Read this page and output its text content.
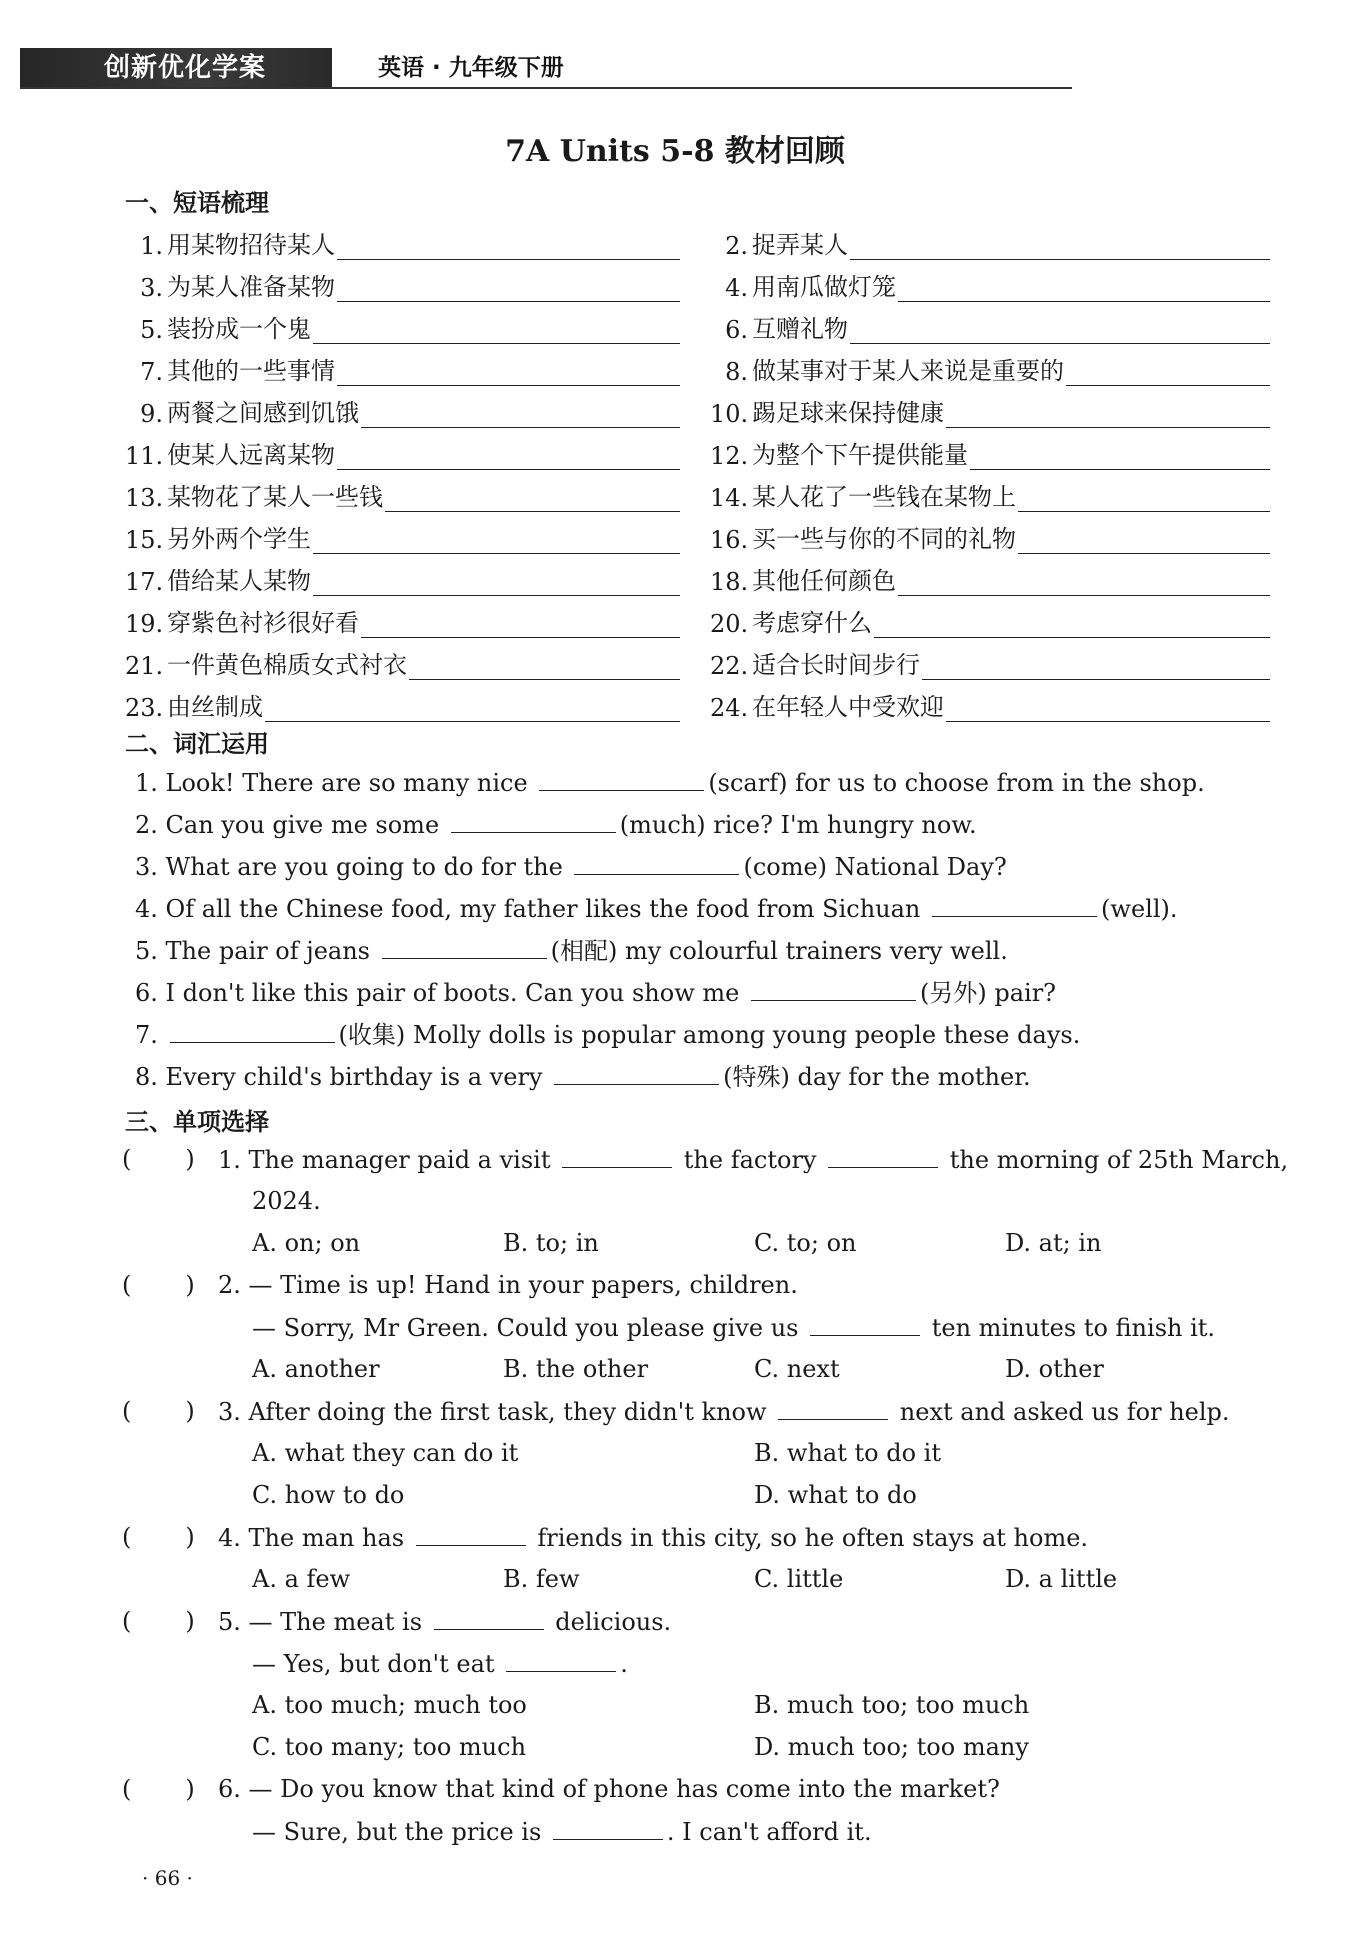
创新优化学案	英语 · 九年级下册
7A Units 5-8 教材回顾
一、短语梳理
1. 用某物招待某人	2. 捉弄某人
3. 为某人准备某物	4. 用南瓜做灯笼
5. 装扮成一个鬼	6. 互赠礼物
7. 其他的一些事情	8. 做某事对于某人来说是重要的
9. 两餐之间感到饥饿	10. 踢足球来保持健康
11. 使某人远离某物	12. 为整个下午提供能量
13. 某物花了某人一些钱	14. 某人花了一些钱在某物上
15. 另外两个学生	16. 买一些与你的不同的礼物
17. 借给某人某物	18. 其他任何颜色
19. 穿紫色衬衫很好看	20. 考虑穿什么
21. 一件黄色棉质女式衬衣	22. 适合长时间步行
23. 由丝制成	24. 在年轻人中受欢迎
二、词汇运用
1. Look! There are so many nice	(scarf) for us to choose from in the shop.
2. Can you give me some	(much) rice? I'm hungry now.
3. What are you going to do for the	(come) National Day?
4. Of all the Chinese food, my father likes the food from Sichuan	(well).
5. The pair of jeans	(相配) my colourful trainers very well.
6. I don't like this pair of boots. Can you show me	(另外) pair?
7.	(收集) Molly dolls is popular among young people these days.
8. Every child's birthday is a very	(特殊) day for the mother.
三、单项选择
( ) 1. The manager paid a visit	the factory	the morning of 25th March,
2024.
A. on; on	B. to; in	C. to; on	D. at; in
( ) 2. — Time is up! Hand in your papers, children.
— Sorry, Mr Green. Could you please give us	ten minutes to finish it.
A. another	B. the other	C. next	D. other
( ) 3. After doing the first task, they didn't know	next and asked us for help.
A. what they can do it	B. what to do it
C. how to do	D. what to do
( ) 4. The man has	friends in this city, so he often stays at home.
A. a few	B. few	C. little	D. a little
( ) 5. — The meat is	delicious.
— Yes, but don't eat	.
A. too much; much too	B. much too; too much
C. too many; too much	D. much too; too many
( ) 6. — Do you know that kind of phone has come into the market?
— Sure, but the price is	. I can't afford it.
· 66 ·
